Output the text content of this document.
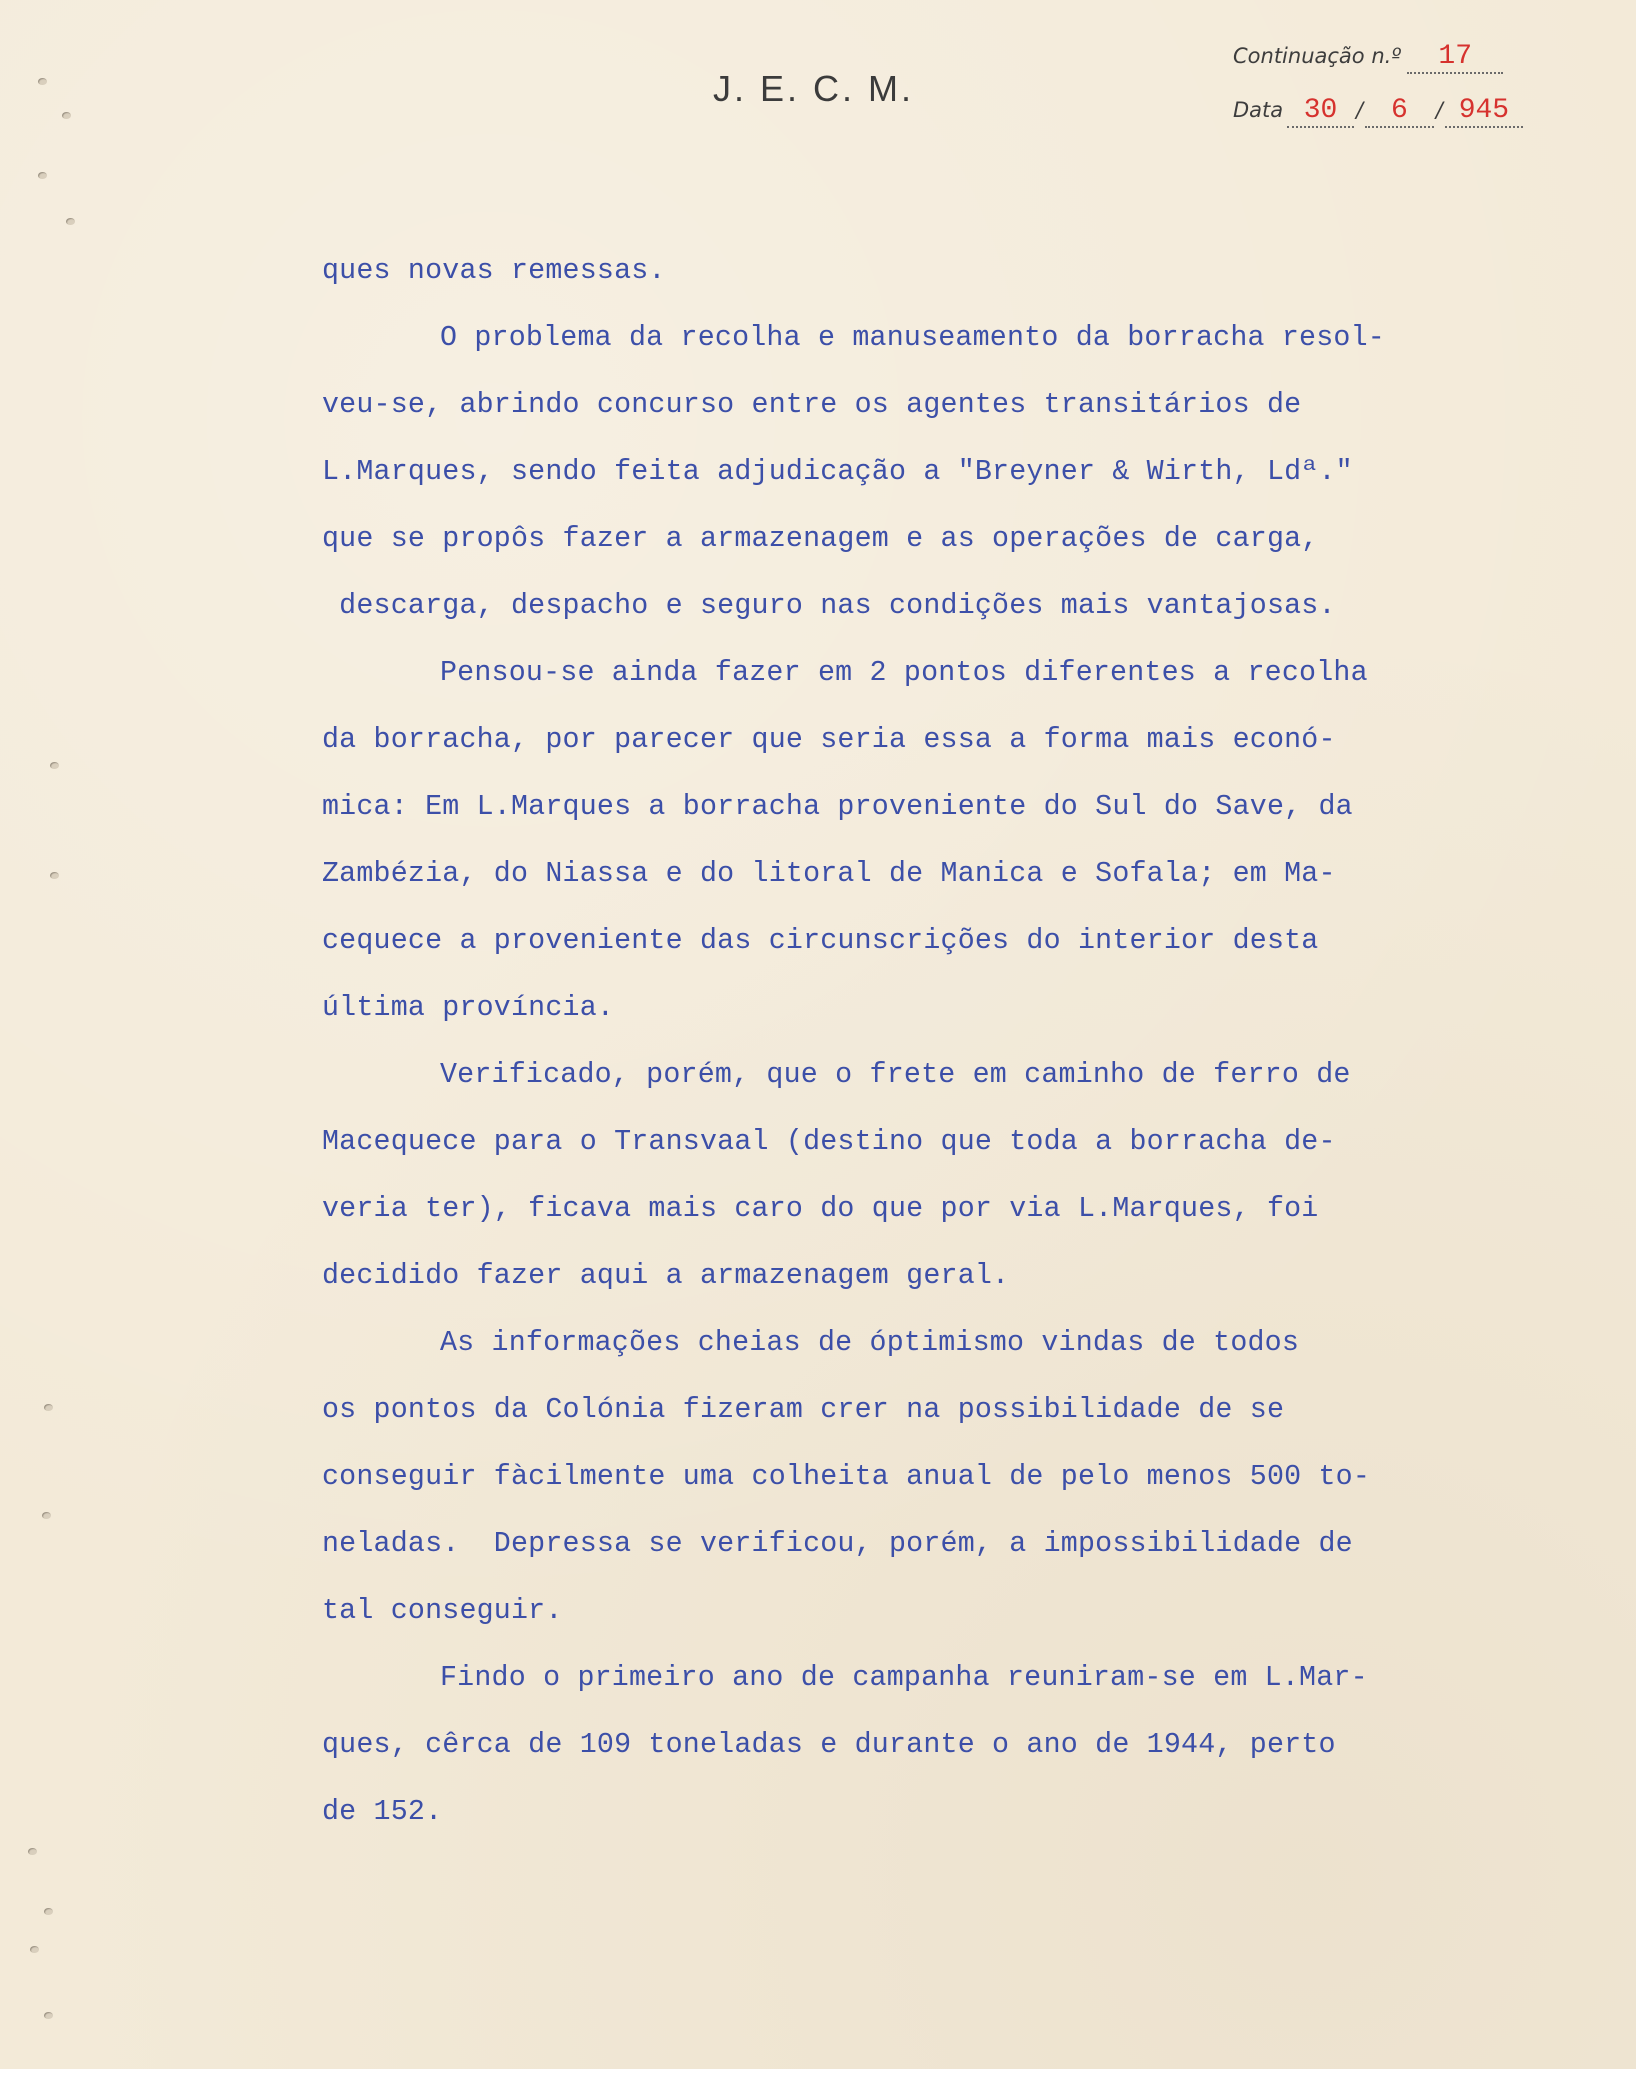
J. E. C. M.
Continuação n.º	17
Data 30 / 6	/ 945
ques novas remessas.
O problema da recolha e manuseamento da borracha resol-
veu-se, abrindo concurso entre os agentes transitários de
L.Marques, sendo feita adjudicação a "Breyner & Wirth, Ldª."
que se propôs fazer a armazenagem e as operações de carga,
descarga, despacho e seguro nas condições mais vantajosas.
Pensou-se ainda fazer em 2 pontos diferentes a recolha
da borracha, por parecer que seria essa a forma mais econó-
mica: Em L.Marques a borracha proveniente do Sul do Save, da
Zambézia, do Niassa e do litoral de Manica e Sofala; em Ma-
cequece a proveniente das circunscrições do interior desta
última província.
Verificado, porém, que o frete em caminho de ferro de
Macequece para o Transvaal (destino que toda a borracha de-
veria ter), ficava mais caro do que por via L.Marques, foi
decidido fazer aqui a armazenagem geral.
As informações cheias de óptimismo vindas de todos
os pontos da Colónia fizeram crer na possibilidade de se
conseguir fàcilmente uma colheita anual de pelo menos 500 to-
neladas.  Depressa se verificou, porém, a impossibilidade de
tal conseguir.
Findo o primeiro ano de campanha reuniram-se em L.Mar-
ques, cêrca de 109 toneladas e durante o ano de 1944, perto
de 152.
